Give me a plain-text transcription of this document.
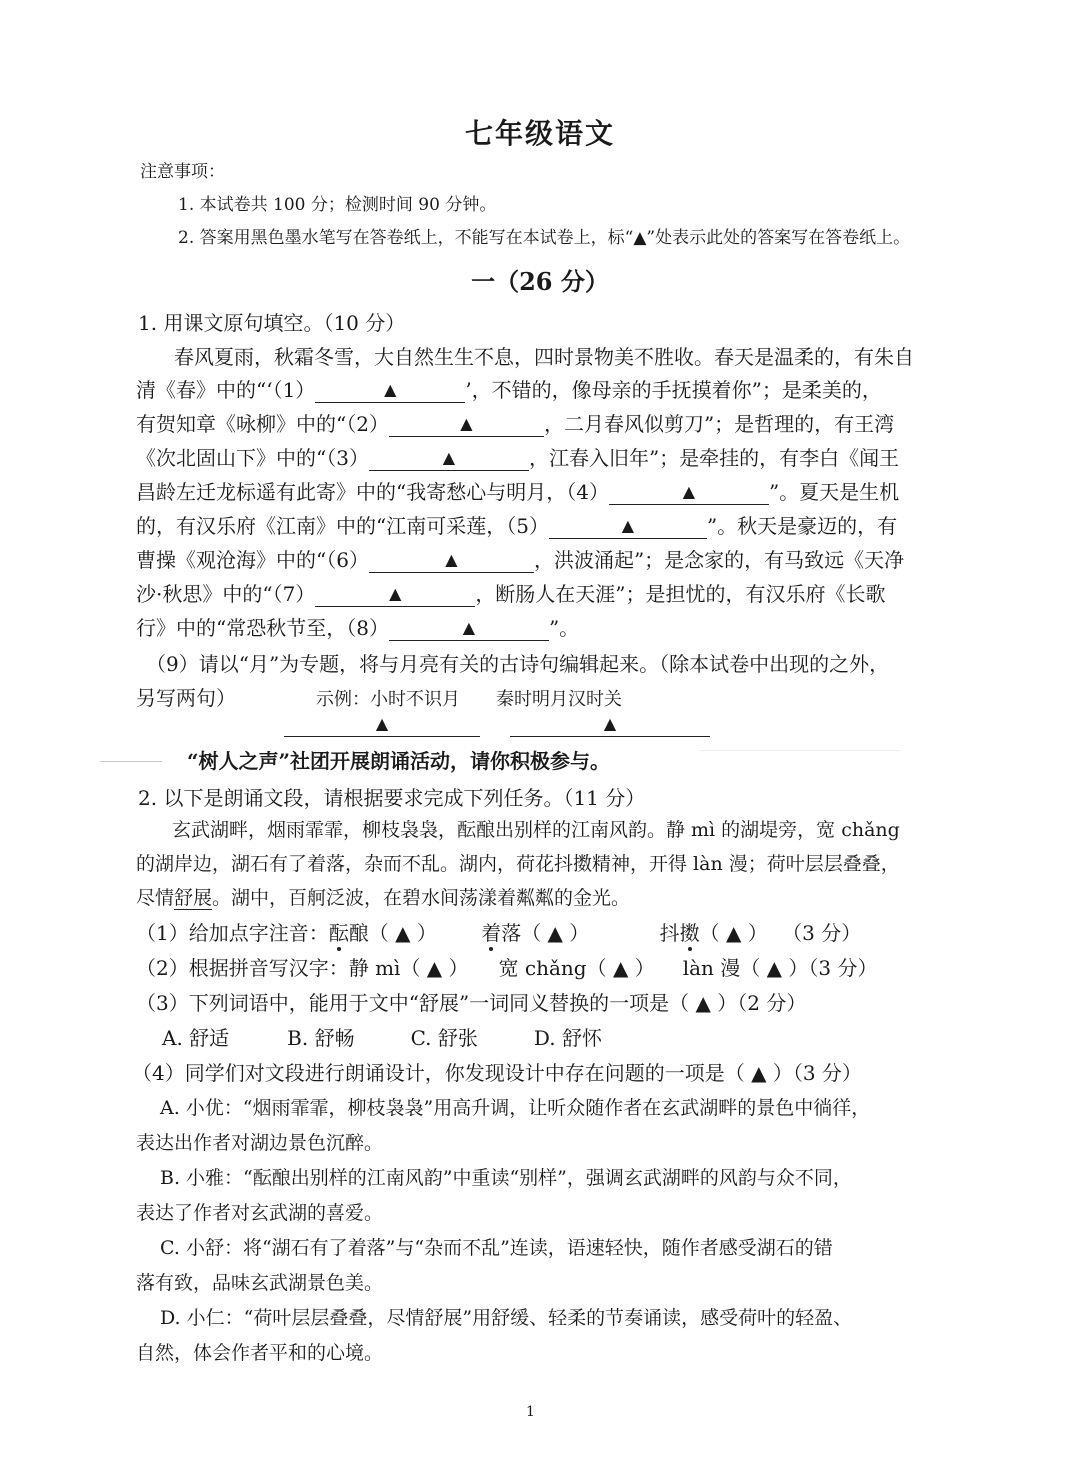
七年级语文
注意事项：
1. 本试卷共 100 分；检测时间 90 分钟。
2. 答案用黑色墨水笔写在答卷纸上，不能写在本试卷上，标“▲”处表示此处的答案写在答卷纸上。
一（26 分）
1. 用课文原句填空。（10 分）
春风夏雨，秋霜冬雪，大自然生生不息，四时景物美不胜收。春天是温柔的，有朱自
清《春》中的“‘（1）	▲	’，不错的，像母亲的手抚摸着你”；是柔美的，
有贺知章《咏柳》中的“（2）	▲	，二月春风似剪刀”；是哲理的，有王湾
《次北固山下》中的“（3）	▲	，江春入旧年”；是牵挂的，有李白《闻王
昌龄左迁龙标遥有此寄》中的“我寄愁心与明月，（4）	▲	”。夏天是生机
的，有汉乐府《江南》中的“江南可采莲，（5）	▲	”。秋天是豪迈的，有
曹操《观沧海》中的“（6）	▲	，洪波涌起”；是念家的，有马致远《天净
沙·秋思》中的“（7）	▲	，断肠人在天涯”；是担忧的，有汉乐府《长歌
行》中的“常恐秋节至，（8）	▲	”。
（9）请以“月”为专题，将与月亮有关的古诗句编辑起来。（除本试卷中出现的之外，
另写两句）	示例：小时不识月　　秦时明月汉时关
▲	▲
“树人之声”社团开展朗诵活动，请你积极参与。
2. 以下是朗诵文段，请根据要求完成下列任务。（11 分）
玄武湖畔，烟雨霏霏，柳枝袅袅，酝酿出别样的江南风韵。静 mì 的湖堤旁，宽 chǎng
的湖岸边，湖石有了着落，杂而不乱。湖内，荷花抖擞精神，开得 làn 漫；荷叶层层叠叠，
尽情舒展。湖中，百舸泛波，在碧水间荡漾着粼粼的金光。
（1）给加点字注音：酝酿（ ▲ ） 着落（ ▲ ）	抖擞（ ▲ ） （3 分）
（2）根据拼音写汉字：静 mì（ ▲ ） 宽 chǎng（ ▲ ） làn 漫（ ▲ ）（3 分）
（3）下列词语中，能用于文中“舒展”一词同义替换的一项是（ ▲ ）（2 分）
A. 舒适	B. 舒畅	C. 舒张	D. 舒怀
（4）同学们对文段进行朗诵设计，你发现设计中存在问题的一项是（ ▲ ）（3 分）
A. 小优：“烟雨霏霏，柳枝袅袅”用高升调，让听众随作者在玄武湖畔的景色中徜徉，
表达出作者对湖边景色沉醉。
B. 小雅：“酝酿出别样的江南风韵”中重读“别样”，强调玄武湖畔的风韵与众不同，
表达了作者对玄武湖的喜爱。
C. 小舒：将“湖石有了着落”与“杂而不乱”连读，语速轻快，随作者感受湖石的错
落有致，品味玄武湖景色美。
D. 小仁：“荷叶层层叠叠，尽情舒展”用舒缓、轻柔的节奏诵读，感受荷叶的轻盈、
自然，体会作者平和的心境。
1
